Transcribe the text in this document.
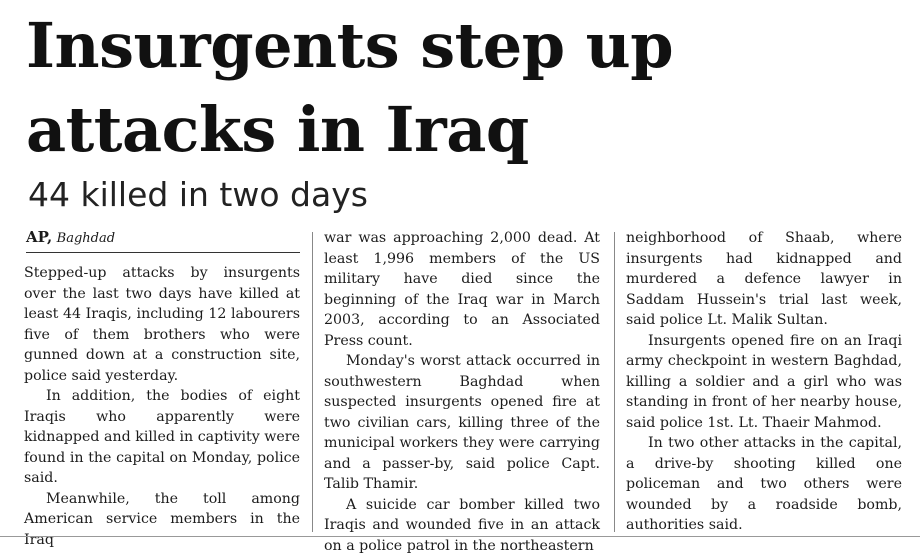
Insurgents step up attacks in Iraq
44 killed in two days
AP, Baghdad

Stepped-up attacks by insurgents over the last two days have killed at least 44 Iraqis, including 12 labourers five of them brothers who were gunned down at a construction site, police said yesterday.

In addition, the bodies of eight Iraqis who apparently were kidnapped and killed in captivity were found in the capital on Monday, police said.

Meanwhile, the toll among American service members in the Iraq

war was approaching 2,000 dead. At least 1,996 members of the US military have died since the beginning of the Iraq war in March 2003, according to an Associated Press count.

Monday's worst attack occurred in southwestern Baghdad when suspected insurgents opened fire at two civilian cars, killing three of the municipal workers they were carrying and a passer-by, said police Capt. Talib Thamir.

A suicide car bomber killed two Iraqis and wounded five in an attack on a police patrol in the northeastern

neighborhood of Shaab, where insurgents had kidnapped and murdered a defence lawyer in Saddam Hussein's trial last week, said police Lt. Malik Sultan.

Insurgents opened fire on an Iraqi army checkpoint in western Baghdad, killing a soldier and a girl who was standing in front of her nearby house, said police 1st. Lt. Thaeir Mahmod.

In two other attacks in the capital, a drive-by shooting killed one policeman and two others were wounded by a roadside bomb, authorities said.
